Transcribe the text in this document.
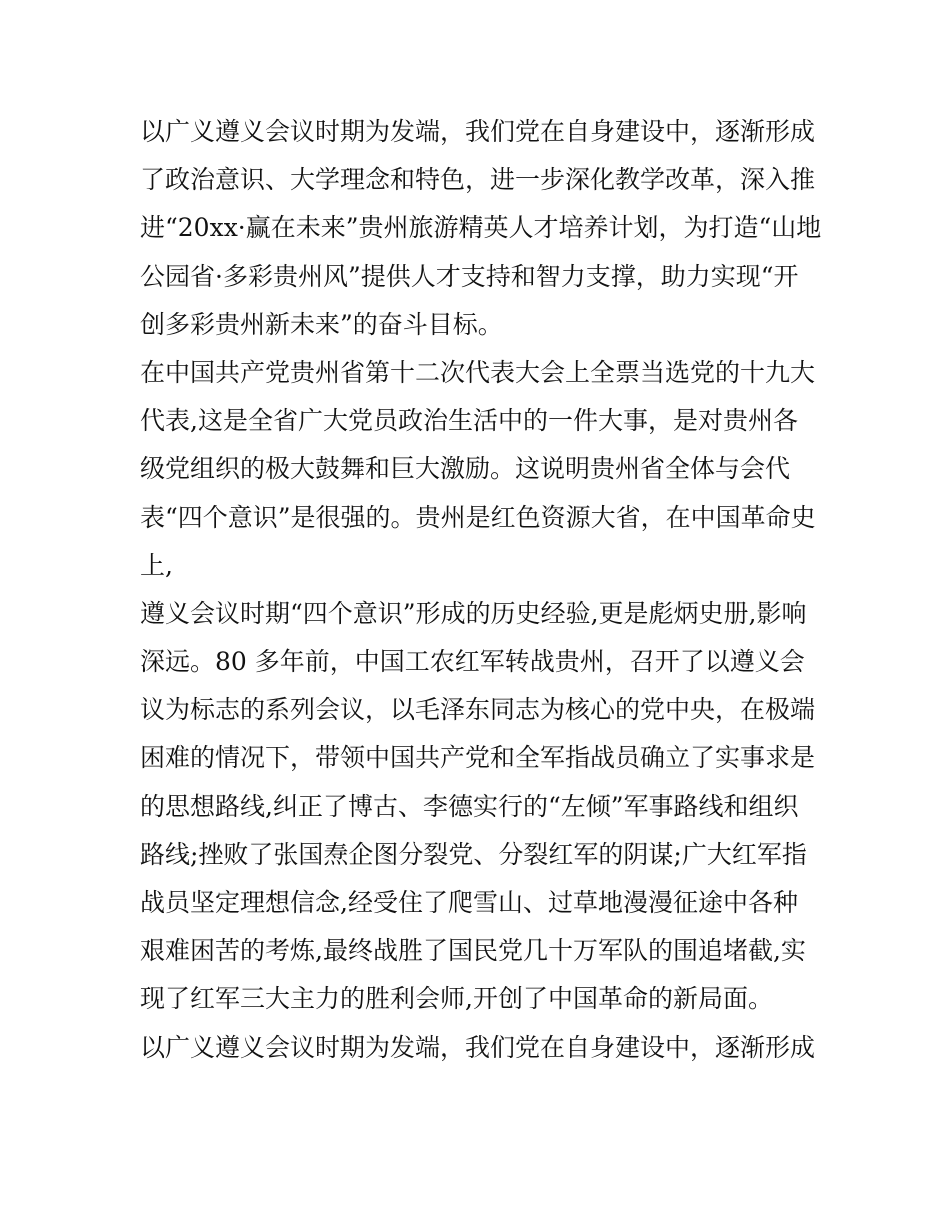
以广义遵义会议时期为发端，我们党在自身建设中，逐渐形成
了政治意识、大学理念和特色，进一步深化教学改革，深入推
进“20xx·赢在未来”贵州旅游精英人才培养计划，为打造“山地
公园省·多彩贵州风”提供人才支持和智力支撑，助力实现“开
创多彩贵州新未来”的奋斗目标。
在中国共产党贵州省第十二次代表大会上全票当选党的十九大
代表,这是全省广大党员政治生活中的一件大事，是对贵州各
级党组织的极大鼓舞和巨大激励。这说明贵州省全体与会代
表“四个意识”是很强的。贵州是红色资源大省，在中国革命史
上,
遵义会议时期“四个意识”形成的历史经验,更是彪炳史册,影响
深远。80 多年前，中国工农红军转战贵州，召开了以遵义会
议为标志的系列会议，以毛泽东同志为核心的党中央，在极端
困难的情况下，带领中国共产党和全军指战员确立了实事求是
的思想路线,纠正了博古、李德实行的“左倾”军事路线和组织
路线;挫败了张国焘企图分裂党、分裂红军的阴谋;广大红军指
战员坚定理想信念,经受住了爬雪山、过草地漫漫征途中各种
艰难困苦的考炼,最终战胜了国民党几十万军队的围追堵截,实
现了红军三大主力的胜利会师,开创了中国革命的新局面。
以广义遵义会议时期为发端，我们党在自身建设中，逐渐形成
